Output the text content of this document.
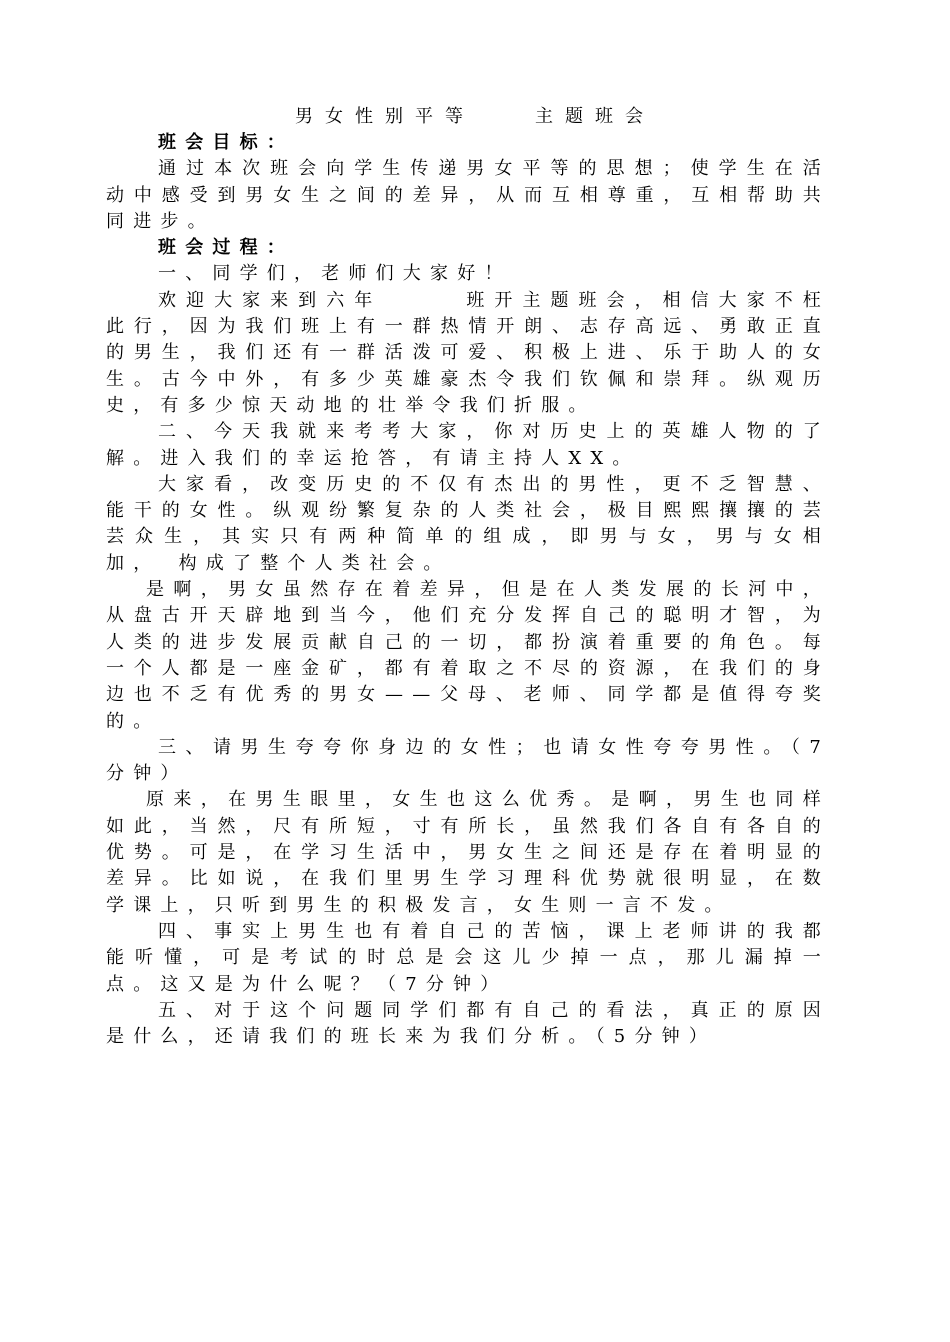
男女性别平等	主题班会

班会目标：

通过本次班会向学生传递男女平等的思想；使学生在活动中感受到男女生之间的差异，从而互相尊重，互相帮助共同进步。

班会过程：

一、同学们，老师们大家好！

欢迎大家来到六年　　　班开主题班会，相信大家不枉此行，因为我们班上有一群热情开朗、志存高远、勇敢正直的男生，我们还有一群活泼可爱、积极上进、乐于助人的女生。古今中外，有多少英雄豪杰令我们钦佩和崇拜。纵观历史，有多少惊天动地的壮举令我们折服。

二、今天我就来考考大家，你对历史上的英雄人物的了解。进入我们的幸运抢答，有请主持人XX。

大家看，改变历史的不仅有杰出的男性，更不乏智慧、能干的女性。纵观纷繁复杂的人类社会，极目熙熙攘攘的芸芸众生，其实只有两种简单的组成，即男与女，男与女相加，　构成了整个人类社会。

是啊，男女虽然存在着差异，但是在人类发展的长河中，从盘古开天辟地到当今，他们充分发挥自己的聪明才智，为人类的进步发展贡献自己的一切，都扮演着重要的角色。每一个人都是一座金矿，都有着取之不尽的资源，在我们的身边也不乏有优秀的男女——父母、老师、同学都是值得夸奖的。

三、请男生夸夸你身边的女性；也请女性夸夸男性。（7分钟）

原来，在男生眼里，女生也这么优秀。是啊，男生也同样如此，当然，尺有所短，寸有所长，虽然我们各自有各自的优势。可是，在学习生活中，男女生之间还是存在着明显的差异。比如说，在我们里男生学习理科优势就很明显，在数学课上，只听到男生的积极发言，女生则一言不发。

四、事实上男生也有着自己的苦恼，课上老师讲的我都能听懂，可是考试的时总是会这儿少掉一点，那儿漏掉一点。这又是为什么呢？（7分钟）

五、对于这个问题同学们都有自己的看法，真正的原因是什么，还请我们的班长来为我们分析。（5分钟）
